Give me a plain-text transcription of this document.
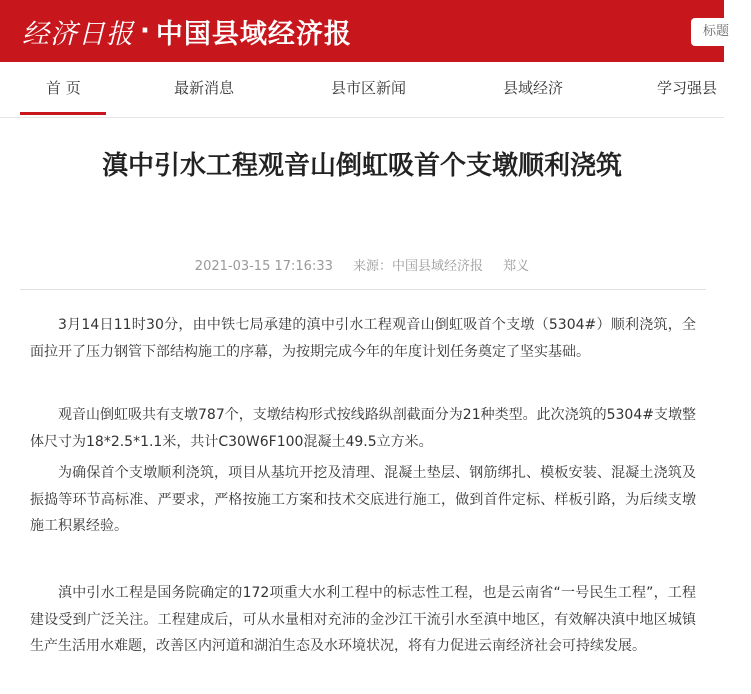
经济日报 · 中国县域经济报	标题
首 页	最新消息	县市区新闻	县域经济	学习强县
滇中引水工程观音山倒虹吸首个支墩顺利浇筑
2021-03-15 17:16:33 来源：中国县域经济报 郑义

3月14日11时30分，由中铁七局承建的滇中引水工程观音山倒虹吸首个支墩（5304#）顺利浇筑，全面拉开了压力钢管下部结构施工的序幕，为按期完成今年的年度计划任务奠定了坚实基础。

观音山倒虹吸共有支墩787个，支墩结构形式按线路纵剖截面分为21种类型。此次浇筑的5304#支墩整体尺寸为18*2.5*1.1米，共计C30W6F100混凝土49.5立方米。

为确保首个支墩顺利浇筑，项目从基坑开挖及清理、混凝土垫层、钢筋绑扎、模板安装、混凝土浇筑及振捣等环节高标准、严要求，严格按施工方案和技术交底进行施工，做到首件定标、样板引路，为后续支墩施工积累经验。

滇中引水工程是国务院确定的172项重大水利工程中的标志性工程，也是云南省“一号民生工程”，工程建设受到广泛关注。工程建成后，可从水量相对充沛的金沙江干流引水至滇中地区，有效解决滇中地区城镇生产生活用水难题，改善区内河道和湖泊生态及水环境状况，将有力促进云南经济社会可持续发展。
